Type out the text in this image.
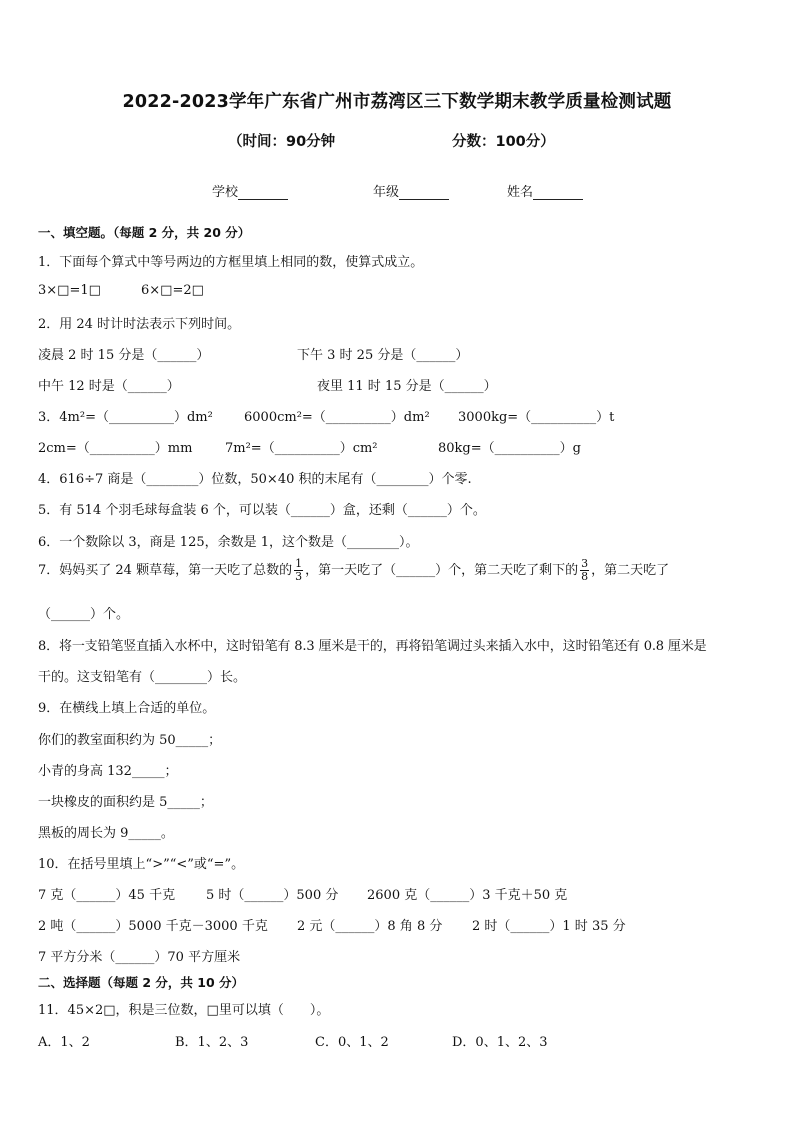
2022-2023学年广东省广州市荔湾区三下数学期末教学质量检测试题
（时间：90分钟	分数：100分）
学校	年级	姓名
一、填空题。（每题 2 分，共 20 分）
1．下面每个算式中等号两边的方框里填上相同的数，使算式成立。
3×□=1□	6×□=2□
2．用 24 时计时法表示下列时间。
凌晨 2 时 15 分是（______）	下午 3 时 25 分是（______）
中午 12 时是（______）	夜里 11 时 15 分是（______）
3．4m²=（__________）dm² 6000cm²=（__________）dm² 3000kg=（__________）t
2cm=（__________）mm	7m²=（__________）cm²	80kg=（__________）g
4．616÷7 商是（________）位数，50×40 积的末尾有（________）个零.
5．有 514 个羽毛球每盒装 6 个，可以装（______）盒，还剩（______）个。
6．一个数除以 3，商是 125，余数是 1，这个数是（________）。
7．妈妈买了 24 颗草莓，第一天吃了总数的 $\frac{1}{3}$ ，第一天吃了（______）个，第二天吃了剩下的 $\frac{3}{8}$ ，第二天吃了
（______）个。
8．将一支铅笔竖直插入水杯中，这时铅笔有 8.3 厘米是干的，再将铅笔调过头来插入水中，这时铅笔还有 0.8 厘米是
干的。这支铅笔有（________）长。
9．在横线上填上合适的单位。
你们的教室面积约为 50_____；
小青的身高 132_____；
一块橡皮的面积约是 5_____；
黑板的周长为 9_____。
10．在括号里填上“>”“<”或“=”。
7 克（______）45 千克 5 时（______）500 分 2600 克（______）3 千克＋50 克
2 吨（______）5000 千克－3000 千克 2 元（______）8 角 8 分 2 时（______）1 时 35 分
7 平方分米（______）70 平方厘米
二、选择题（每题 2 分，共 10 分）
11．45×2□，积是三位数，□里可以填（　　）。
A．1、2	B．1、2、3	C．0、1、2	D．0、1、2、3
